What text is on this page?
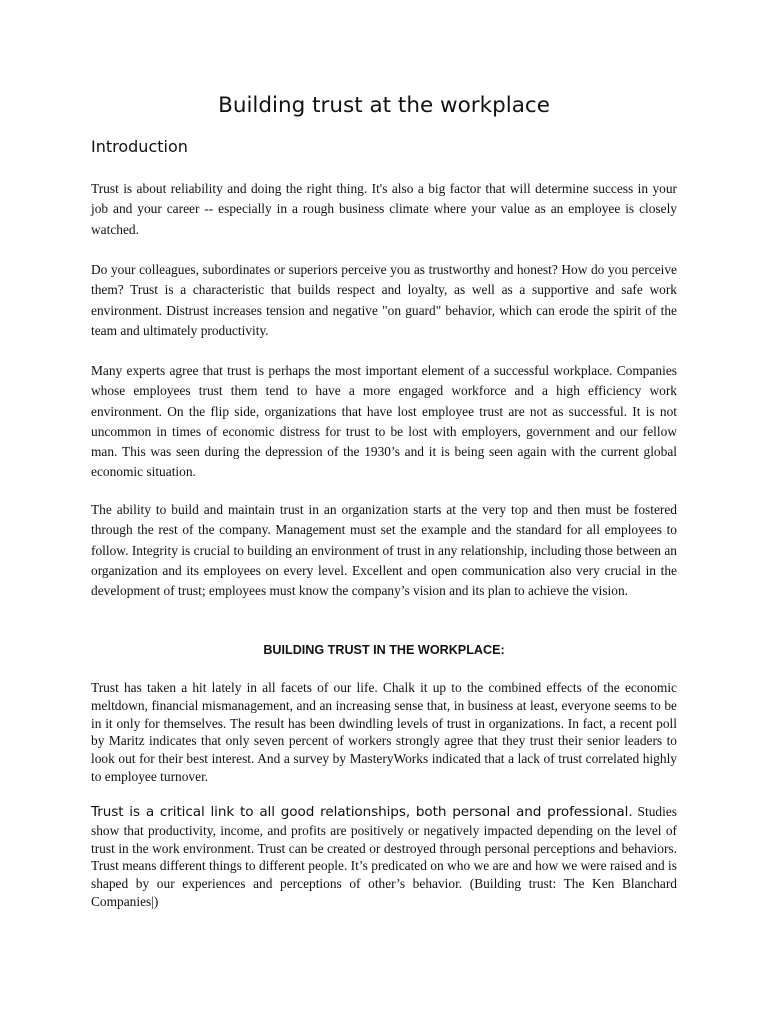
Building trust at the workplace
Introduction

Trust is about reliability and doing the right thing. It's also a big factor that will determine success in your job and your career -- especially in a rough business climate where your value as an employee is closely watched.

Do your colleagues, subordinates or superiors perceive you as trustworthy and honest? How do you perceive them? Trust is a characteristic that builds respect and loyalty, as well as a supportive and safe work environment. Distrust increases tension and negative "on guard" behavior, which can erode the spirit of the team and ultimately productivity.

Many experts agree that trust is perhaps the most important element of a successful workplace. Companies whose employees trust them tend to have a more engaged workforce and a high efficiency work environment. On the flip side, organizations that have lost employee trust are not as successful. It is not uncommon in times of economic distress for trust to be lost with employers, government and our fellow man. This was seen during the depression of the 1930’s and it is being seen again with the current global economic situation.

The ability to build and maintain trust in an organization starts at the very top and then must be fostered through the rest of the company. Management must set the example and the standard for all employees to follow. Integrity is crucial to building an environment of trust in any relationship, including those between an organization and its employees on every level. Excellent and open communication also very crucial in the development of trust; employees must know the company’s vision and its plan to achieve the vision.

BUILDING TRUST IN THE WORKPLACE:

Trust has taken a hit lately in all facets of our life. Chalk it up to the combined effects of the economic meltdown, financial mismanagement, and an increasing sense that, in business at least, everyone seems to be in it only for themselves. The result has been dwindling levels of trust in organizations. In fact, a recent poll by Maritz indicates that only seven percent of workers strongly agree that they trust their senior leaders to look out for their best interest. And a survey by MasteryWorks indicated that a lack of trust correlated highly to employee turnover.

Trust is a critical link to all good relationships, both personal and professional. Studies show that productivity, income, and profits are positively or negatively impacted depending on the level of trust in the work environment. Trust can be created or destroyed through personal perceptions and behaviors. Trust means different things to different people. It’s predicated on who we are and how we were raised and is shaped by our experiences and perceptions of other’s behavior. (Building trust: The Ken Blanchard Companies|)
